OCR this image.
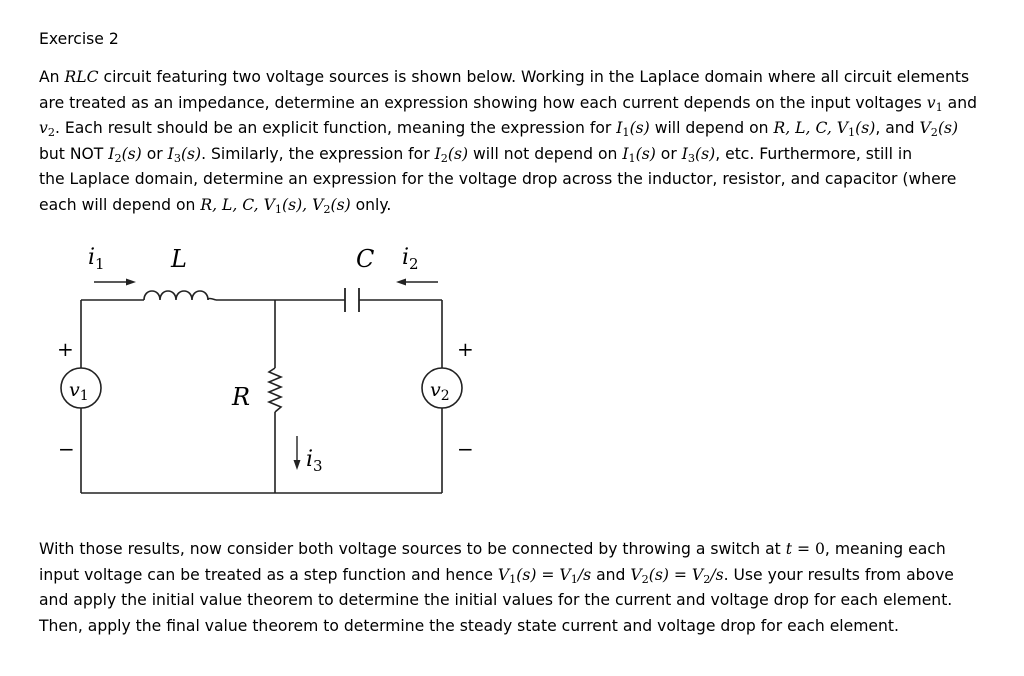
Exercise 2
An RLC circuit featuring two voltage sources is shown below. Working in the Laplace domain where all circuit elements
are treated as an impedance, determine an expression showing how each current depends on the input voltages $v_1$ and
$v_2$. Each result should be an explicit function, meaning the expression for $I_1(s)$ will depend on R, L, C, $V_1(s)$, and $V_2(s)$
but NOT $I_2(s)$ or $I_3(s)$. Similarly, the expression for $I_2(s)$ will not depend on $I_1(s)$ or $I_3(s)$, etc. Furthermore, still in
the Laplace domain, determine an expression for the voltage drop across the inductor, resistor, and capacitor (where
each will depend on R, L, C, $V_1(s)$, $V_2(s)$ only.
$i_1$	L	C $i_2$
R
$i_3$
$v_1$	$v_2$
+
−
+
−
With those results, now consider both voltage sources to be connected by throwing a switch at t = 0, meaning each
input voltage can be treated as a step function and hence $V_1(s) = V_1/s$ and $V_2(s) = V_2/s$. Use your results from above
and apply the initial value theorem to determine the initial values for the current and voltage drop for each element.
Then, apply the final value theorem to determine the steady state current and voltage drop for each element.
